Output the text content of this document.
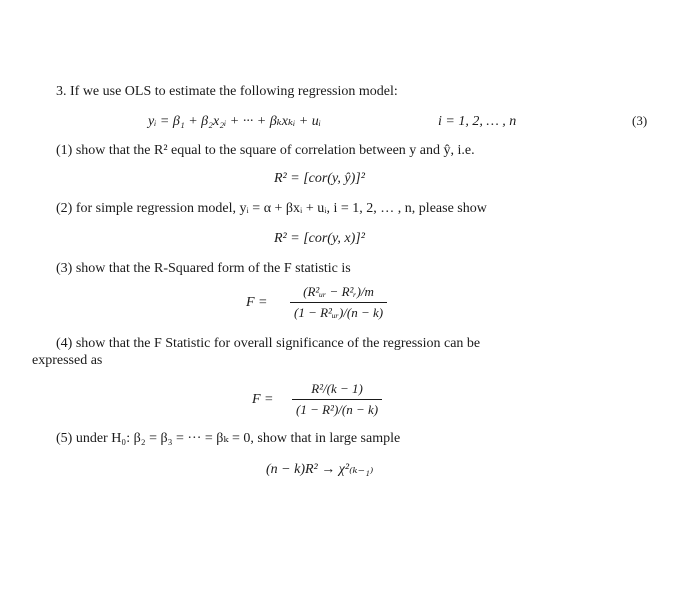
3. If we use OLS to estimate the following regression model:
yᵢ = β₁ + β₂x₂ᵢ + ··· + βₖxₖᵢ + uᵢ	i = 1, 2, … , n	(3)
(1) show that the R² equal to the square of correlation between y and ŷ, i.e.
R² = [cor(y, ŷ)]²
(2) for simple regression model, yᵢ = α + βxᵢ + uᵢ, i = 1, 2, … , n, please show
R² = [cor(y, x)]²
(3) show that the R-Squared form of the F statistic is
$F = \frac{\text{(R²ᵤᵣ − R²ᵣ)/m}}{\text{(1 − R²ᵤᵣ)/(n − k)}}$
(4) show that the F Statistic for overall significance of the regression can be
expressed as
$F = \frac{\text{R²/(k − 1)}}{\text{(1 − R²)/(n − k)}}$
(5) under H₀: β₂ = β₃ = ··· = βₖ = 0, show that in large sample
(n − k)R² → χ²₍ₖ₋₁₎
